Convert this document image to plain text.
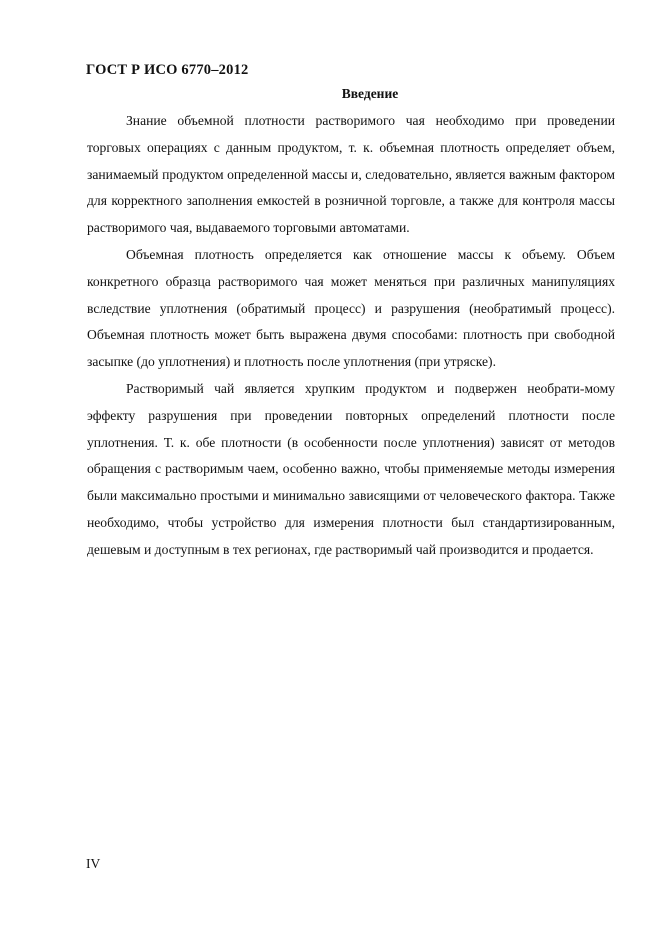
ГОСТ Р ИСО 6770–2012
Введение

Знание объемной плотности растворимого чая необходимо при проведении торговых операциях с данным продуктом, т. к. объемная плотность определяет объем, занимаемый продуктом определенной массы и, следовательно, является важным фактором для корректного заполнения емкостей в розничной торговле, а также для контроля массы растворимого чая, выдаваемого торговыми автоматами.

Объемная плотность определяется как отношение массы к объему. Объем конкретного образца растворимого чая может меняться при различных манипуляциях вследствие уплотнения (обратимый процесс) и разрушения (необратимый процесс). Объемная плотность может быть выражена двумя способами: плотность при свободной засыпке (до уплотнения) и плотность после уплотнения (при утряске).

Растворимый чай является хрупким продуктом и подвержен необрати-мому эффекту разрушения при проведении повторных определений плотности после уплотнения. Т. к. обе плотности (в особенности после уплотнения) зависят от методов обращения с растворимым чаем, особенно важно, чтобы применяемые методы измерения были максимально простыми и минимально зависящими от человеческого фактора. Также необходимо, чтобы устройство для измерения плотности был стандартизированным, дешевым и доступным в тех регионах, где растворимый чай производится и продается.

IV
